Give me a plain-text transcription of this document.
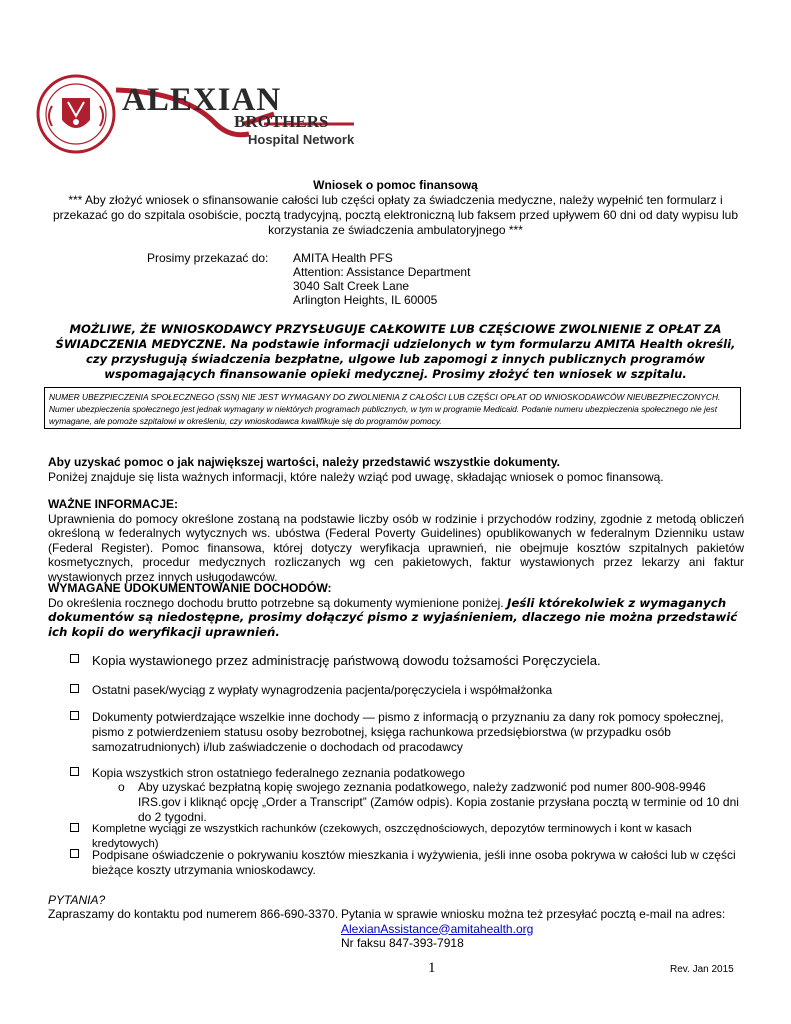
ALEXIAN
BROTHERS
Hospital Network
Wniosek o pomoc finansową
*** Aby złożyć wniosek o sfinansowanie całości lub części opłaty za świadczenia medyczne, należy wypełnić ten formularz i przekazać go do szpitala osobiście, pocztą tradycyjną, pocztą elektroniczną lub faksem przed upływem 60 dni od daty wypisu lub korzystania ze świadczenia ambulatoryjnego ***
Prosimy przekazać do: AMITA Health PFS
Attention: Assistance Department
3040 Salt Creek Lane
Arlington Heights, IL 60005
MOŻLIWE, ŻE WNIOSKODAWCY PRZYSŁUGUJE CAŁKOWITE LUB CZĘŚCIOWE ZWOLNIENIE Z OPŁAT ZA ŚWIADCZENIA MEDYCZNE. Na podstawie informacji udzielonych w tym formularzu AMITA Health określi, czy przysługują świadczenia bezpłatne, ulgowe lub zapomogi z innych publicznych programów wspomagających finansowanie opieki medycznej. Prosimy złożyć ten wniosek w szpitalu.
NUMER UBEZPIECZENIA SPOŁECZNEGO (SSN) NIE JEST WYMAGANY DO ZWOLNIENIA Z CAŁOŚCI LUB CZĘŚCI OPŁAT OD WNIOSKODAWCÓW NIEUBEZPIECZONYCH.
Numer ubezpieczenia społecznego jest jednak wymagany w niektórych programach publicznych, w tym w programie Medicaid. Podanie numeru ubezpieczenia społecznego nie jest wymagane, ale pomoże szpitalowi w określeniu, czy wnioskodawca kwalifikuje się do programów pomocy.
Aby uzyskać pomoc o jak największej wartości, należy przedstawić wszystkie dokumenty.
Poniżej znajduje się lista ważnych informacji, które należy wziąć pod uwagę, składając wniosek o pomoc finansową.
WAŻNE INFORMACJE:
Uprawnienia do pomocy określone zostaną na podstawie liczby osób w rodzinie i przychodów rodziny, zgodnie z metodą obliczeń określoną w federalnych wytycznych ws. ubóstwa (Federal Poverty Guidelines) opublikowanych w federalnym Dzienniku ustaw (Federal Register). Pomoc finansowa, której dotyczy weryfikacja uprawnień, nie obejmuje kosztów szpitalnych pakietów kosmetycznych, procedur medycznych rozliczanych wg cen pakietowych, faktur wystawionych przez lekarzy ani faktur wystawionych przez innych usługodawców.
WYMAGANE UDOKUMENTOWANIE DOCHODÓW:
Do określenia rocznego dochodu brutto potrzebne są dokumenty wymienione poniżej. Jeśli którekolwiek z wymaganych dokumentów są niedostępne, prosimy dołączyć pismo z wyjaśnieniem, dlaczego nie można przedstawić ich kopii do weryfikacji uprawnień.
Kopia wystawionego przez administrację państwową dowodu tożsamości Poręczyciela.
Ostatni pasek/wyciąg z wypłaty wynagrodzenia pacjenta/poręczyciela i współmałżonka
Dokumenty potwierdzające wszelkie inne dochody — pismo z informacją o przyznaniu za dany rok pomocy społecznej, pismo z potwierdzeniem statusu osoby bezrobotnej, księga rachunkowa przedsiębiorstwa (w przypadku osób samozatrudnionych) i/lub zaświadczenie o dochodach od pracodawcy
Kopia wszystkich stron ostatniego federalnego zeznania podatkowego
o Aby uzyskać bezpłatną kopię swojego zeznania podatkowego, należy zadzwonić pod numer 800-908-9946 IRS.gov i kliknąć opcję „Order a Transcript” (Zamów odpis). Kopia zostanie przysłana pocztą w terminie od 10 dni do 2 tygodni.
Kompletne wyciągi ze wszystkich rachunków (czekowych, oszczędnościowych, depozytów terminowych i kont w kasach kredytowych)
Podpisane oświadczenie o pokrywaniu kosztów mieszkania i wyżywienia, jeśli inne osoba pokrywa w całości lub w części bieżące koszty utrzymania wnioskodawcy.
PYTANIA?
Zapraszamy do kontaktu pod numerem 866-690-3370. Pytania w sprawie wniosku można też przesyłać pocztą e-mail na adres:
AlexianAssistance@amitahealth.org
Nr faksu 847-393-7918
1	Rev. Jan 2015
